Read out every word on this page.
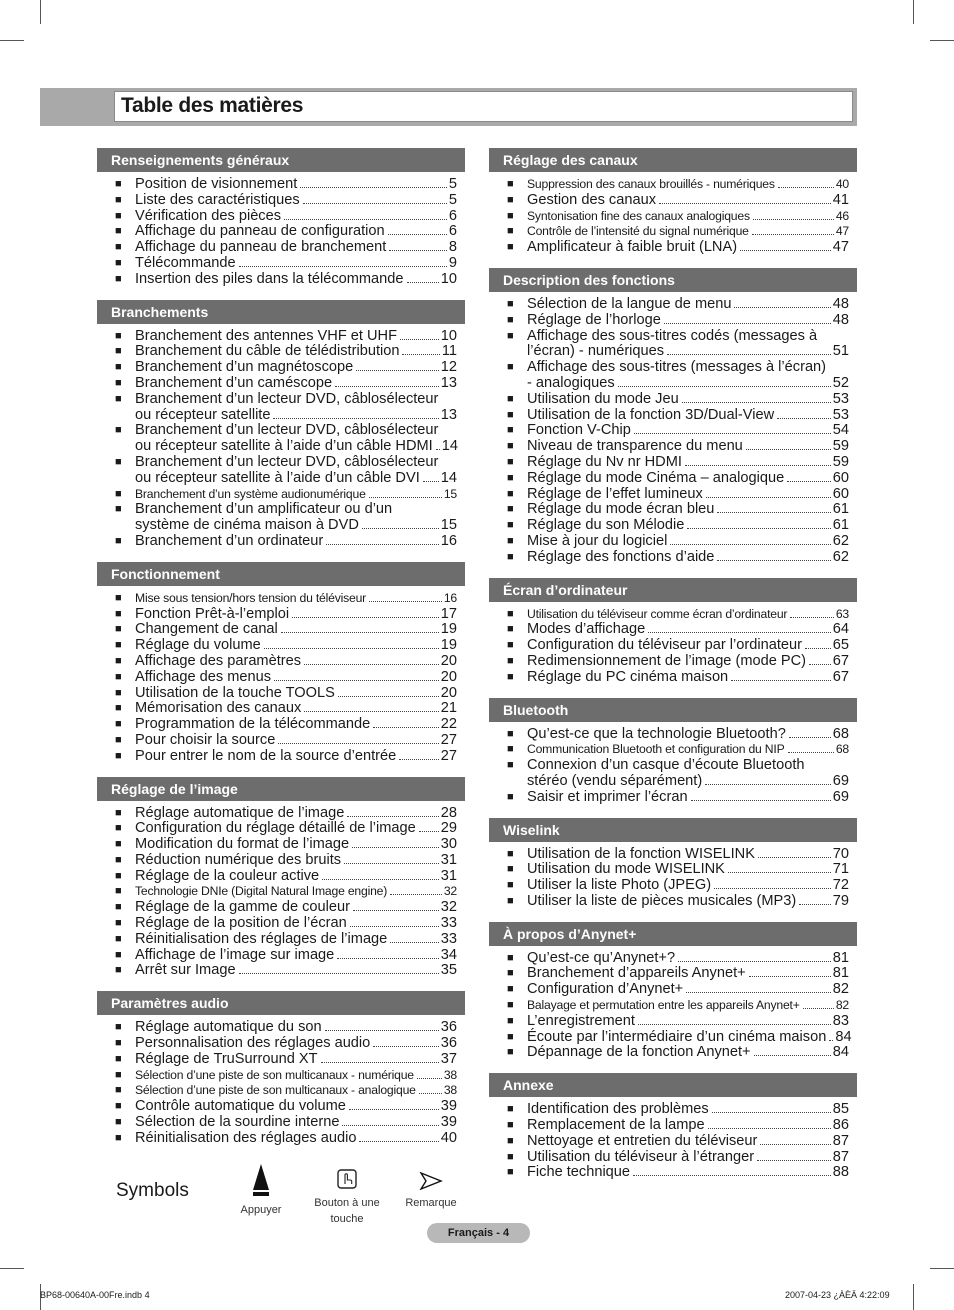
Table des matières
Renseignements généraux
■ Position de visionnement	5
■ Liste des caractéristiques	5
■ Vérification des pièces	6
■ Affichage du panneau de configuration	6
■ Affichage du panneau de branchement	8
■ Télécommande	9
■ Insertion des piles dans la télécommande	10
Branchements
■ Branchement des antennes VHF et UHF	10
■ Branchement du câble de télédistribution	11
■ Branchement d’un magnétoscope	12
■ Branchement d’un caméscope	13
■ Branchement d’un lecteur DVD, câblosélecteur
ou récepteur satellite	13
■ Branchement d’un lecteur DVD, câblosélecteur
ou récepteur satellite à l’aide d’un câble HDMI 14
■ Branchement d’un lecteur DVD, câblosélecteur
ou récepteur satellite à l’aide d’un câble DVI 14
■ Branchement d’un système audionumérique	15
■ Branchement d’un amplificateur ou d’un
système de cinéma maison à DVD	15
■ Branchement d’un ordinateur	16
Fonctionnement
■ Mise sous tension/hors tension du téléviseur	16
■ Fonction Prêt-à-l’emploi	17
■ Changement de canal	19
■ Réglage du volume	19
■ Affichage des paramètres	20
■ Affichage des menus	20
■ Utilisation de la touche TOOLS	20
■ Mémorisation des canaux	21
■ Programmation de la télécommande	22
■ Pour choisir la source	27
■ Pour entrer le nom de la source d’entrée	27
Réglage de l’image
■ Réglage automatique de l’image	28
■ Configuration du réglage détaillé de l’image 29
■ Modification du format de l’image	30
■ Réduction numérique des bruits	31
■ Réglage de la couleur active	31
■ Technologie DNIe (Digital Natural Image engine)	32
■ Réglage de la gamme de couleur	32
■ Réglage de la position de l’écran	33
■ Réinitialisation des réglages de l’image	33
■ Affichage de l’image sur image	34
■ Arrêt sur Image	35
Paramètres audio
■ Réglage automatique du son	36
■ Personnalisation des réglages audio	36
■ Réglage de TruSurround XT	37
■ Sélection d’une piste de son multicanaux - numérique 38
■ Sélection d’une piste de son multicanaux - analogique 38
■ Contrôle automatique du volume	39
■ Sélection de la sourdine interne	39
■ Réinitialisation des réglages audio	40
Réglage des canaux
■ Suppression des canaux brouillés - numériques	40
■ Gestion des canaux	41
■ Syntonisation fine des canaux analogiques	46
■ Contrôle de l’intensité du signal numérique	47
■ Amplificateur à faible bruit (LNA)	47
Description des fonctions
■ Sélection de la langue de menu	48
■ Réglage de l’horloge	48
■ Affichage des sous-titres codés (messages à
l’écran) - numériques	51
■ Affichage des sous-titres (messages à l’écran)
- analogiques	52
■ Utilisation du mode Jeu	53
■ Utilisation de la fonction 3D/Dual-View	53
■ Fonction V-Chip	54
■ Niveau de transparence du menu	59
■ Réglage du Nv nr HDMI	59
■ Réglage du mode Cinéma – analogique	60
■ Réglage de l’effet lumineux	60
■ Réglage du mode écran bleu	61
■ Réglage du son Mélodie	61
■ Mise à jour du logiciel	62
■ Réglage des fonctions d’aide	62
Écran d’ordinateur
■ Utilisation du téléviseur comme écran d’ordinateur	63
■ Modes d’affichage	64
■ Configuration du téléviseur par l’ordinateur 65
■ Redimensionnement de l’image (mode PC) 67
■ Réglage du PC cinéma maison	67
Bluetooth
■ Qu’est-ce que la technologie Bluetooth?	68
■ Communication Bluetooth et configuration du NIP	68
■ Connexion d’un casque d’écoute Bluetooth
stéréo (vendu séparément)	69
■ Saisir et imprimer l’écran	69
Wiselink
■ Utilisation de la fonction WISELINK	70
■ Utilisation du mode WISELINK	71
■ Utiliser la liste Photo (JPEG)	72
■ Utiliser la liste de pièces musicales (MP3)	79
À propos d’Anynet+
■ Qu’est-ce qu’Anynet+?	81
■ Branchement d’appareils Anynet+	81
■ Configuration d’Anynet+	82
■ Balayage et permutation entre les appareils Anynet+	82
■ L’enregistrement	83
■ Écoute par l’intermédiaire d’un cinéma maison 84
■ Dépannage de la fonction Anynet+	84
Annexe
■ Identification des problèmes	85
■ Remplacement de la lampe	86
■ Nettoyage et entretien du téléviseur	87
■ Utilisation du téléviseur à l’étranger	87
■ Fiche technique	88
Symbols
Appuyer
Bouton à une
touche
Remarque
Français - 4
BP68-00640A-00Fre.indb 4	2007-04-23 ¿ÀÈÄ 4:22:09
